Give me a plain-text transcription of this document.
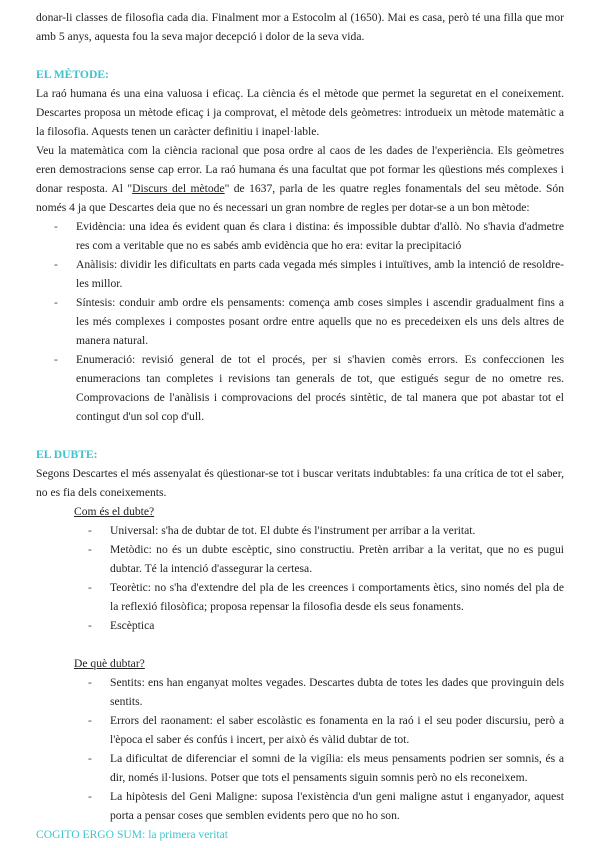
donar-li classes de filosofia cada dia. Finalment mor a Estocolm al (1650). Mai es casa, però té una filla que mor amb 5 anys, aquesta fou la seva major decepció i dolor de la seva vida.

EL MÈTODE:

La raó humana és una eina valuosa i eficaç. La ciència és el mètode que permet la seguretat en el coneixement. Descartes proposa un mètode eficaç i ja comprovat, el mètode dels geòmetres: introdueix un mètode matemàtic a la filosofia. Aquests tenen un caràcter definitiu i inapel·lable.

Veu la matemàtica com la ciència racional que posa ordre al caos de les dades de l'experiència. Els geòmetres eren demostracions sense cap error. La raó humana és una facultat que pot formar les qüestions més complexes i donar resposta. Al "Discurs del mètode" de 1637, parla de les quatre regles fonamentals del seu mètode. Són només 4 ja que Descartes deia que no és necessari un gran nombre de regles per dotar-se a un bon mètode:

- Evidència: una idea és evident quan és clara i distina: és impossible dubtar d'allò. No s'havia d'admetre res com a veritable que no es sabés amb evidència que ho era: evitar la precipitació
- Anàlisis: dividir les dificultats en parts cada vegada més simples i intuïtives, amb la intenció de resoldre-les millor.
- Síntesis: conduir amb ordre els pensaments: comença amb coses simples i ascendir gradualment fins a les més complexes i compostes posant ordre entre aquells que no es precedeixen els uns dels altres de manera natural.
- Enumeració: revisió general de tot el procés, per si s'havien comès errors. Es confeccionen les enumeracions tan completes i revisions tan generals de tot, que estigués segur de no ometre res. Comprovacions de l'anàlisis i comprovacions del procés sintètic, de tal manera que pot abastar tot el contingut d'un sol cop d'ull.
EL DUBTE:

Segons Descartes el més assenyalat és qüestionar-se tot i buscar veritats indubtables: fa una crítica de tot el saber, no es fia dels coneixements.

Com és el dubte?

- Universal: s'ha de dubtar de tot. El dubte és l'instrument per arribar a la veritat.
- Metòdic: no és un dubte escèptic, sino constructiu. Pretèn arribar a la veritat, que no es pugui dubtar. Té la intenció d'assegurar la certesa.
- Teorètic: no s'ha d'extendre del pla de les creences i comportaments ètics, sino només del pla de la reflexió filosòfica; proposa repensar la filosofia desde els seus fonaments.
- Escèptica

De què dubtar?

- Sentits: ens han enganyat moltes vegades. Descartes dubta de totes les dades que provinguin dels sentits.
- Errors del raonament: el saber escolàstic es fonamenta en la raó i el seu poder discursiu, però a l'època el saber és confús i incert, per això és vàlid dubtar de tot.
- La dificultat de diferenciar el somni de la vigília: els meus pensaments podrien ser somnis, és a dir, només il·lusions. Potser que tots el pensaments siguin somnis però no els reconeixem.
- La hipòtesis del Geni Maligne: suposa l'existència d'un geni maligne astut i enganyador, aquest porta a pensar coses que semblen evidents pero que no ho son.

COGITO ERGO SUM: la primera veritat
